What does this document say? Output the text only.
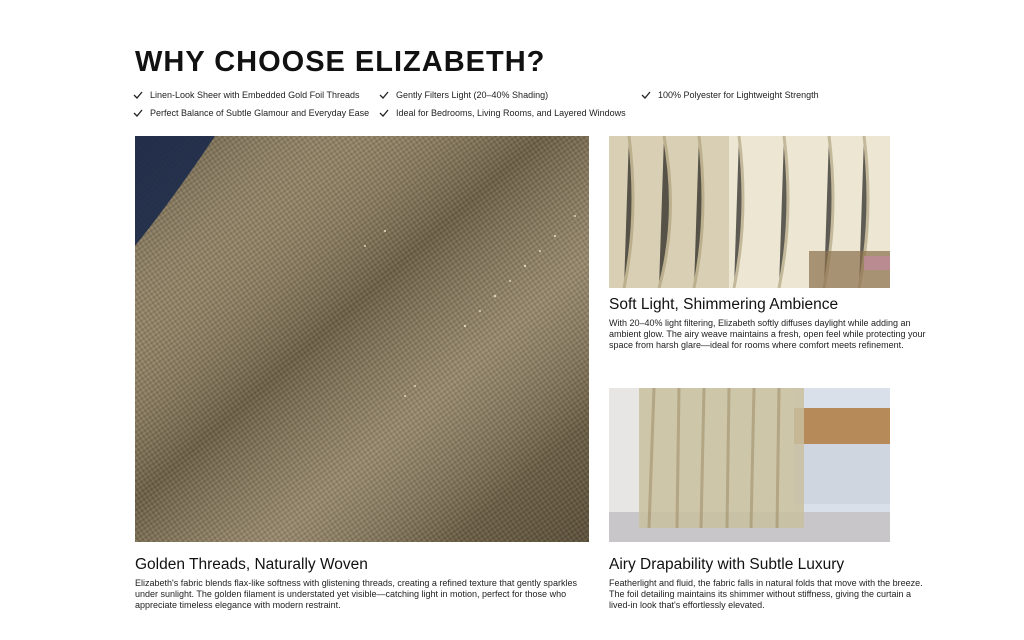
WHY CHOOSE ELIZABETH?
Linen-Look Sheer with Embedded Gold Foil Threads
Perfect Balance of Subtle Glamour and Everyday Ease
Gently Filters Light (20–40% Shading)
Ideal for Bedrooms, Living Rooms, and Layered Windows
100% Polyester for Lightweight Strength
Soft Light, Shimmering Ambience

With 20–40% light filtering, Elizabeth softly diffuses daylight while adding an ambient glow. The airy weave maintains a fresh, open feel while protecting your space from harsh glare—ideal for rooms where comfort meets refinement.

Airy Drapability with Subtle Luxury

Featherlight and fluid, the fabric falls in natural folds that move with the breeze. The foil detailing maintains its shimmer without stiffness, giving the curtain a lived-in look that's effortlessly elevated.

Golden Threads, Naturally Woven

Elizabeth's fabric blends flax-like softness with glistening threads, creating a refined texture that gently sparkles under sunlight. The golden filament is understated yet visible—catching light in motion, perfect for those who appreciate timeless elegance with modern restraint.
